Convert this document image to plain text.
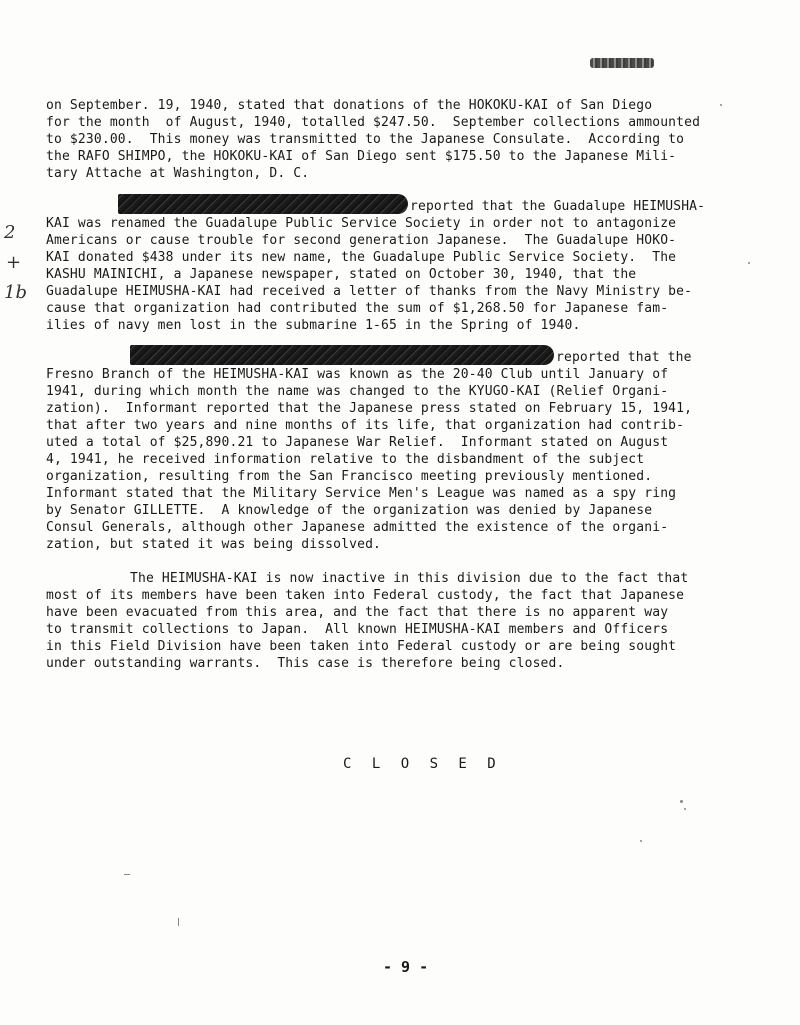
on September. 19, 1940, stated that donations of the HOKOKU-KAI of San Diego
for the month  of August, 1940, totalled $247.50.  September collections ammounted
to $230.00.  This money was transmitted to the Japanese Consulate.  According to
the RAFO SHIMPO, the HOKOKU-KAI of San Diego sent $175.50 to the Japanese Mili-
tary Attache at Washington, D. C.
reported that the Guadalupe HEIMUSHA-
KAI was renamed the Guadalupe Public Service Society in order not to antagonize
Americans or cause trouble for second generation Japanese.  The Guadalupe HOKO-
KAI donated $438 under its new name, the Guadalupe Public Service Society.  The
KASHU MAINICHI, a Japanese newspaper, stated on October 30, 1940, that the
Guadalupe HEIMUSHA-KAI had received a letter of thanks from the Navy Ministry be-
cause that organization had contributed the sum of $1,268.50 for Japanese fam-
ilies of navy men lost in the submarine 1-65 in the Spring of 1940.
2
+
1b
reported that the
Fresno Branch of the HEIMUSHA-KAI was known as the 20-40 Club until January of
1941, during which month the name was changed to the KYUGO-KAI (Relief Organi-
zation).  Informant reported that the Japanese press stated on February 15, 1941,
that after two years and nine months of its life, that organization had contrib-
uted a total of $25,890.21 to Japanese War Relief.  Informant stated on August
4, 1941, he received information relative to the disbandment of the subject
organization, resulting from the San Francisco meeting previously mentioned.
Informant stated that the Military Service Men's League was named as a spy ring
by Senator GILLETTE.  A knowledge of the organization was denied by Japanese
Consul Generals, although other Japanese admitted the existence of the organi-
zation, but stated it was being dissolved.
The HEIMUSHA-KAI is now inactive in this division due to the fact that
most of its members have been taken into Federal custody, the fact that Japanese
have been evacuated from this area, and the fact that there is no apparent way
to transmit collections to Japan.  All known HEIMUSHA-KAI members and Officers
in this Field Division have been taken into Federal custody or are being sought
under outstanding warrants.  This case is therefore being closed.
C L O S E D
- 9 -
